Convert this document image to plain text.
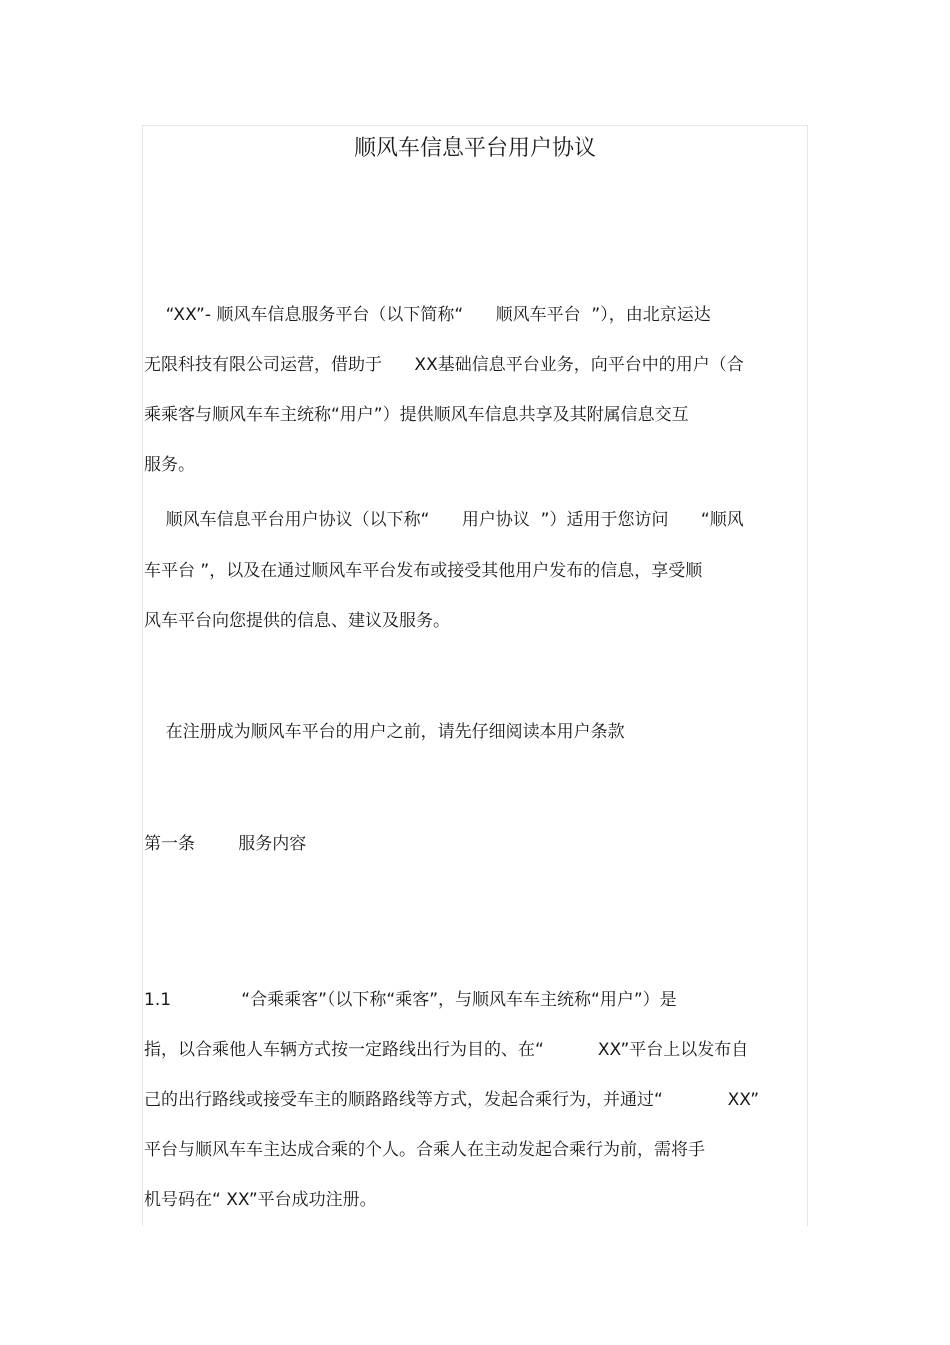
顺风车信息平台用户协议
“XX”- 顺风车信息服务平台（以下简称“      顺风车平台  ”），由北京运达
无限科技有限公司运营，借助于      XX基础信息平台业务，向平台中的用户（合
乘乘客与顺风车车主统称“用户”）提供顺风车信息共享及其附属信息交互
服务。
顺风车信息平台用户协议（以下称“      用户协议  ”）适用于您访问      “顺风
车平台 ”，以及在通过顺风车平台发布或接受其他用户发布的信息，享受顺
风车平台向您提供的信息、建议及服务。
在注册成为顺风车平台的用户之前，请先仔细阅读本用户条款
第一条        服务内容
1.1             “合乘乘客”（以下称“乘客”，与顺风车车主统称“用户”）是
指，以合乘他人车辆方式按一定路线出行为目的、在“          XX”平台上以发布自
己的出行路线或接受车主的顺路路线等方式，发起合乘行为，并通过“            XX”
平台与顺风车车主达成合乘的个人。合乘人在主动发起合乘行为前，需将手
机号码在“ XX”平台成功注册。
